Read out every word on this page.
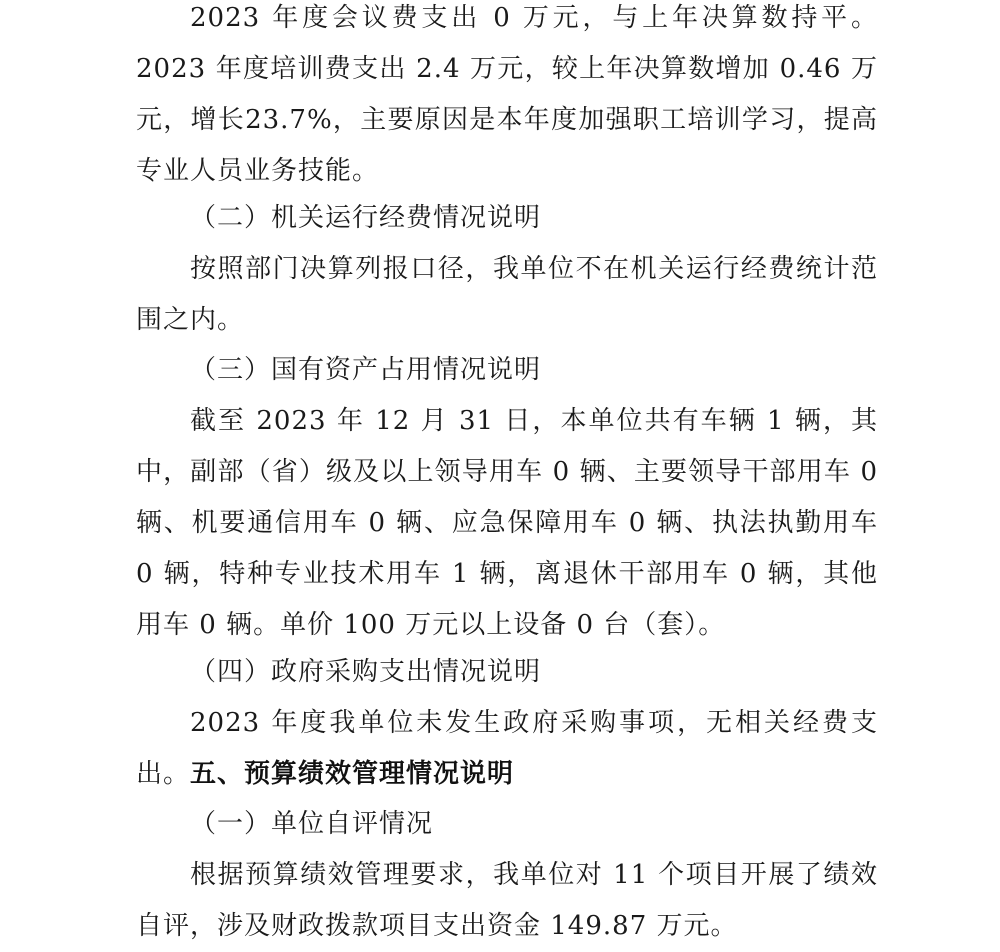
2023 年度会议费支出 0 万元，与上年决算数持平。2023 年度培训费支出 2.4 万元，较上年决算数增加 0.46 万元，增长23.7%，主要原因是本年度加强职工培训学习，提高专业人员业务技能。

（二）机关运行经费情况说明

按照部门决算列报口径，我单位不在机关运行经费统计范围之内。

（三）国有资产占用情况说明

截至 2023 年 12 月 31 日，本单位共有车辆 1 辆，其中，副部（省）级及以上领导用车 0 辆、主要领导干部用车 0 辆、机要通信用车 0 辆、应急保障用车 0 辆、执法执勤用车 0 辆，特种专业技术用车 1 辆，离退休干部用车 0 辆，其他用车 0 辆。单价 100 万元以上设备 0 台（套）。

（四）政府采购支出情况说明

2023 年度我单位未发生政府采购事项，无相关经费支出。 五、预算绩效管理情况说明

（一）单位自评情况

根据预算绩效管理要求，我单位对 11 个项目开展了绩效自评，涉及财政拨款项目支出资金 149.87 万元。
